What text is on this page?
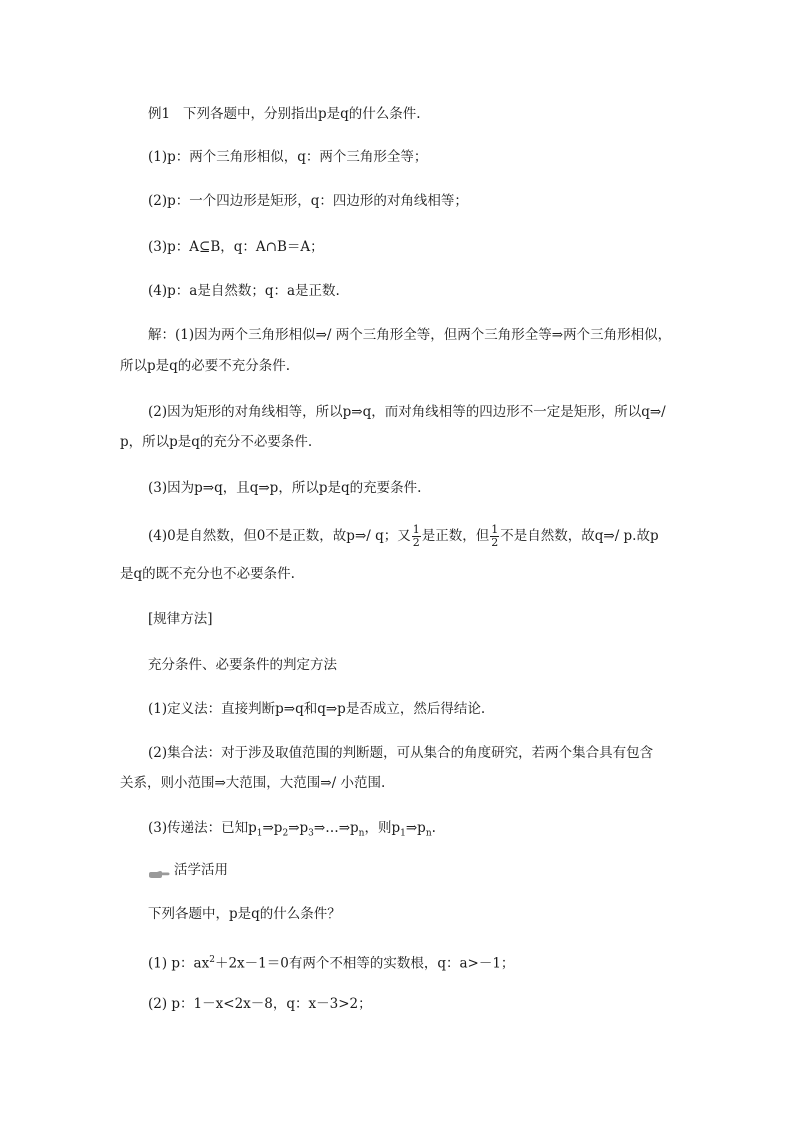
例1 下列各题中，分别指出p是q的什么条件.
(1)p：两个三角形相似，q：两个三角形全等；
(2)p：一个四边形是矩形，q：四边形的对角线相等；
(3)p：A⊆B，q：A∩B＝A；
(4)p：a是自然数；q：a是正数.
解：(1)因为两个三角形相似⇒/ 两个三角形全等，但两个三角形全等⇒两个三角形相似，
所以p是q的必要不充分条件.
(2)因为矩形的对角线相等，所以p⇒q，而对角线相等的四边形不一定是矩形，所以q⇒/
p，所以p是q的充分不必要条件.
(3)因为p⇒q，且q⇒p，所以p是q的充要条件.
(4)0是自然数，但0不是正数，故p⇒/ q；又 $\frac{1}{2}$ 是正数，但 $\frac{1}{2}$ 不是自然数，故q⇒/ p.故p
是q的既不充分也不必要条件.
[规律方法]
充分条件、必要条件的判定方法
(1)定义法：直接判断p⇒q和q⇒p是否成立，然后得结论.
(2)集合法：对于涉及取值范围的判断题，可从集合的角度研究，若两个集合具有包含
关系，则小范围⇒大范围，大范围⇒/ 小范围.
(3)传递法：已知$p_1\Rightarrow p_2\Rightarrow p_3\Rightarrow\dots\Rightarrow p_n$，则$p_1\Rightarrow p_n$.
活学活用
下列各题中，p是q的什么条件？
(1) p：$ax^2+2x-1=0$有两个不相等的实数根，q：a>－1；
(2) p：1－x<2x－8，q：x－3>2；
